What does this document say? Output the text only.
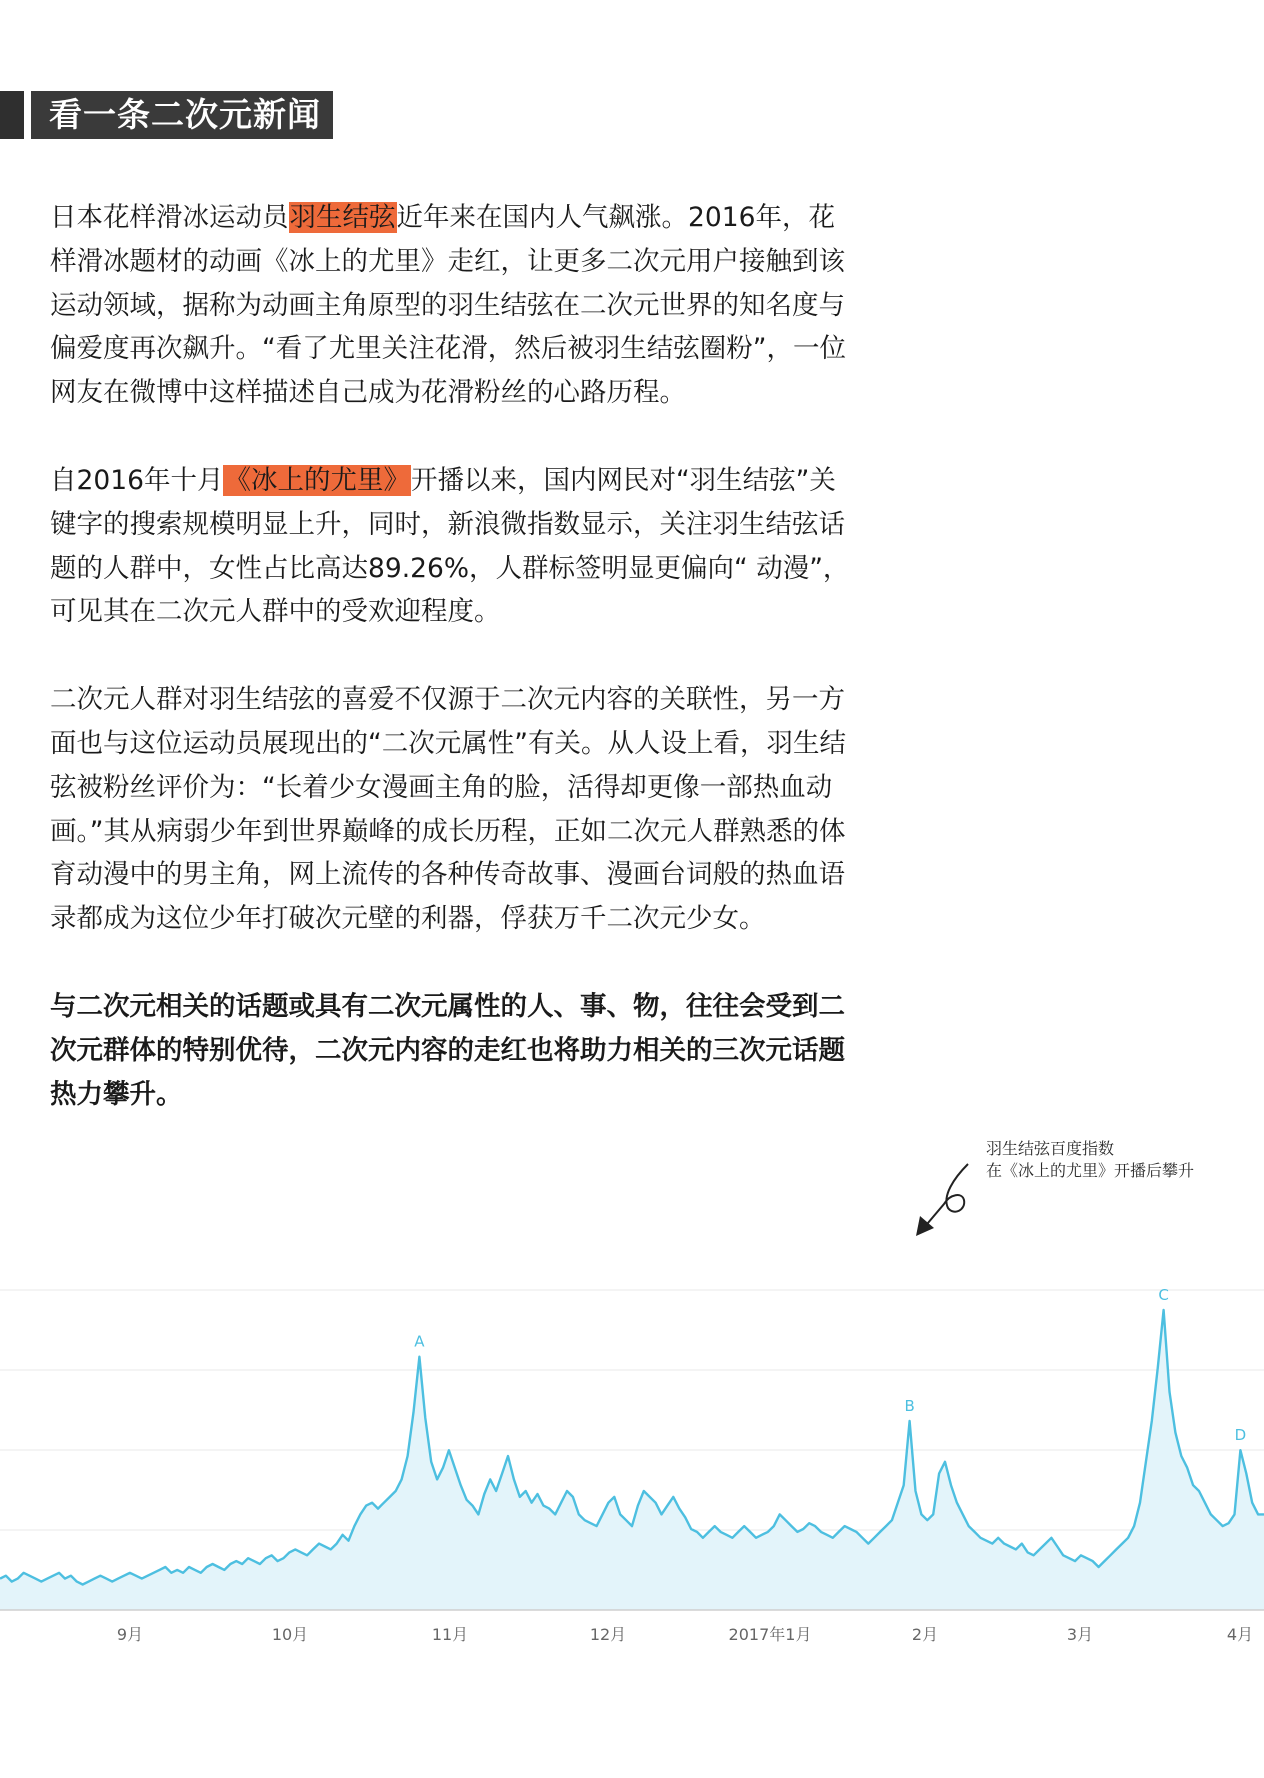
看一条二次元新闻

日本花样滑冰运动员羽生结弦近年来在国内人气飙涨。2016年，花样滑冰题材的动画《冰上的尤里》走红，让更多二次元用户接触到该运动领域，据称为动画主角原型的羽生结弦在二次元世界的知名度与偏爱度再次飙升。“看了尤里关注花滑，然后被羽生结弦圈粉”，一位网友在微博中这样描述自己成为花滑粉丝的心路历程。

自2016年十月《冰上的尤里》开播以来，国内网民对“羽生结弦”关键字的搜索规模明显上升，同时，新浪微指数显示，关注羽生结弦话题的人群中，女性占比高达89.26%，人群标签明显更偏向“ 动漫”，可见其在二次元人群中的受欢迎程度。

二次元人群对羽生结弦的喜爱不仅源于二次元内容的关联性，另一方面也与这位运动员展现出的“二次元属性”有关。从人设上看，羽生结弦被粉丝评价为：“长着少女漫画主角的脸，活得却更像一部热血动画。”其从病弱少年到世界巅峰的成长历程，正如二次元人群熟悉的体育动漫中的男主角，网上流传的各种传奇故事、漫画台词般的热血语录都成为这位少年打破次元壁的利器，俘获万千二次元少女。

与二次元相关的话题或具有二次元属性的人、事、物，往往会受到二次元群体的特别优待，二次元内容的走红也将助力相关的三次元话题热力攀升。

羽生结弦百度指数
在《冰上的尤里》开播后攀升
9月	10月	11月	12月	2017年1月	2月	3月	4月
A
B
C
D
